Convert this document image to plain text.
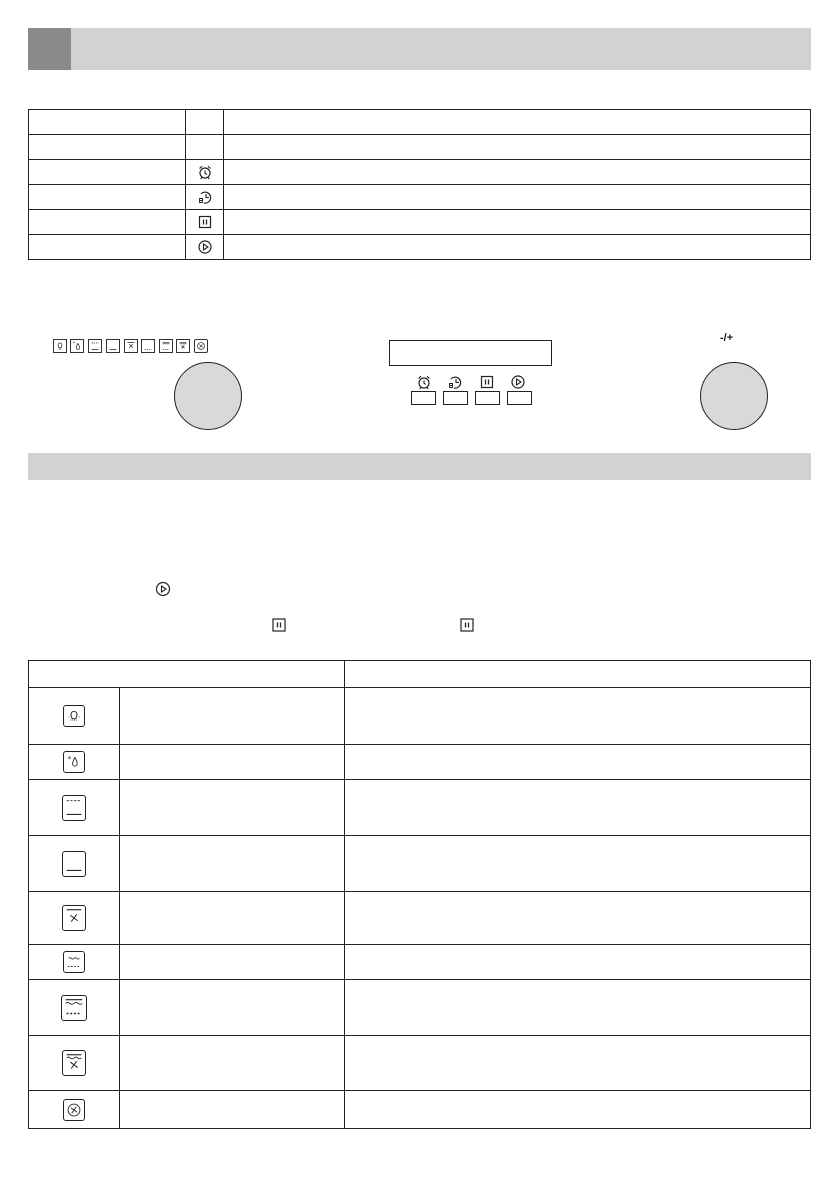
*
-/+

*		
